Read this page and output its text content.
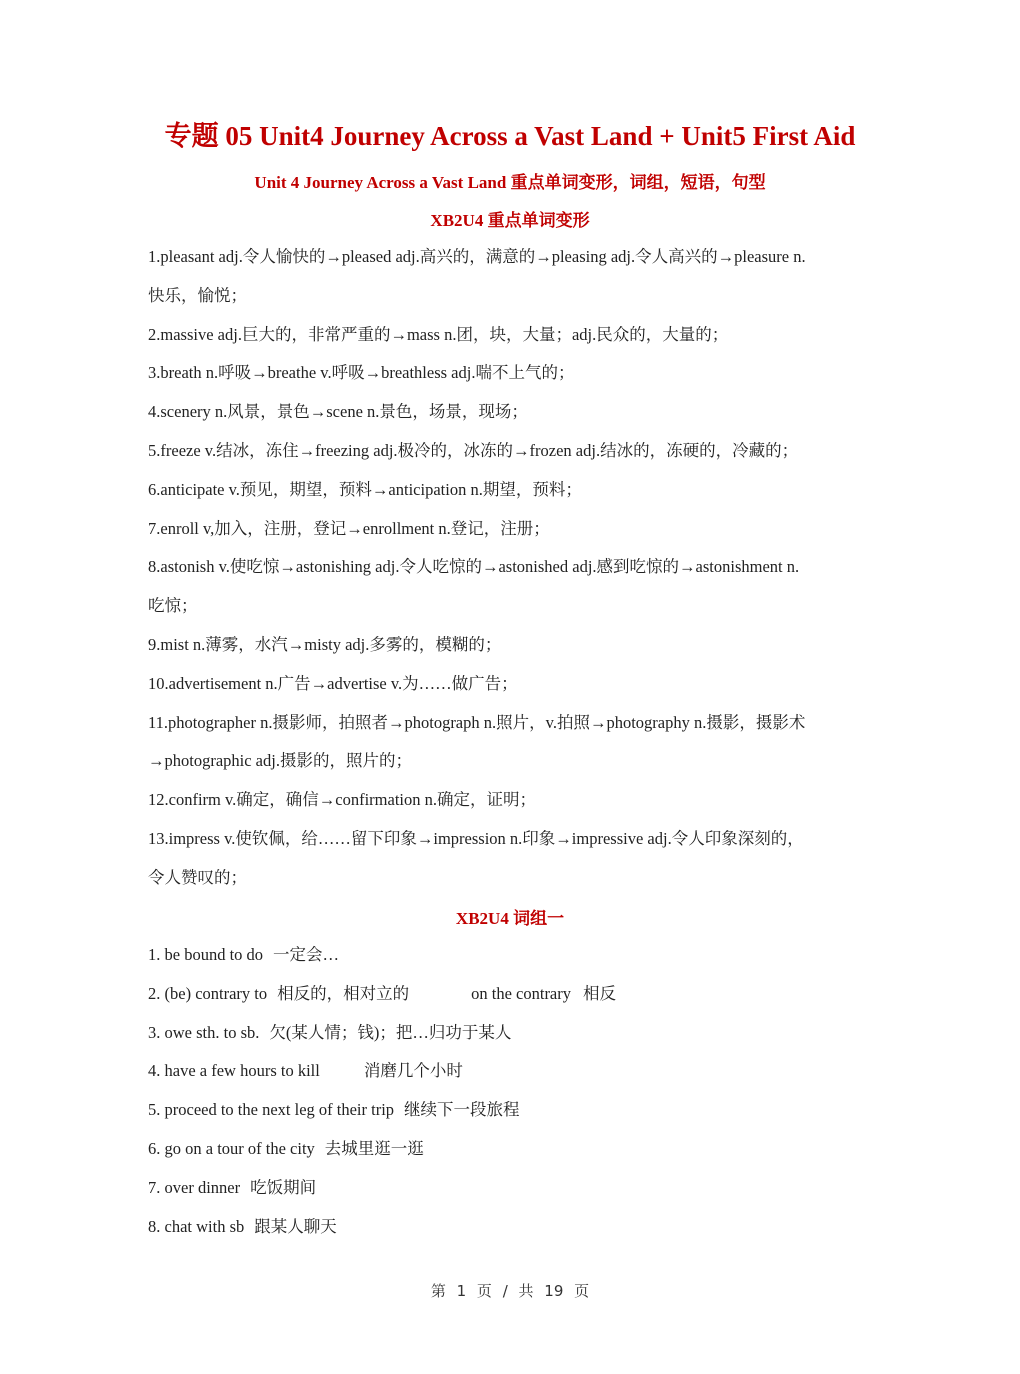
专题 05 Unit4 Journey Across a Vast Land + Unit5 First Aid
Unit 4 Journey Across a Vast Land 重点单词变形，词组，短语，句型
XB2U4 重点单词变形
1.pleasant adj.令人愉快的→pleased adj.高兴的，满意的→pleasing adj.令人高兴的→pleasure n.
快乐，愉悦；
2.massive adj.巨大的，非常严重的→mass n.团，块，大量；adj.民众的，大量的；
3.breath n.呼吸→breathe v.呼吸→breathless adj.喘不上气的；
4.scenery n.风景，景色→scene n.景色，场景，现场；
5.freeze v.结冰，冻住→freezing adj.极冷的，冰冻的→frozen adj.结冰的，冻硬的，冷藏的；
6.anticipate v.预见，期望，预料→anticipation n.期望，预料；
7.enroll v,加入，注册，登记→enrollment n.登记，注册；
8.astonish v.使吃惊→astonishing adj.令人吃惊的→astonished adj.感到吃惊的→astonishment n.
吃惊；
9.mist n.薄雾，水汽→misty adj.多雾的，模糊的；
10.advertisement n.广告→advertise v.为……做广告；
11.photographer n.摄影师，拍照者→photograph n.照片，v.拍照→photography n.摄影，摄影术
→photographic adj.摄影的，照片的；
12.confirm v.确定，确信→confirmation n.确定，证明；
13.impress v.使钦佩，给……留下印象→impression n.印象→impressive adj.令人印象深刻的，
令人赞叹的；
XB2U4 词组一
1. be bound to do 一定会…
2. (be) contrary to 相反的，相对立的	on the contrary 相反
3. owe sth. to sb. 欠(某人情；钱)；把…归功于某人
4. have a few hours to kill	消磨几个小时
5. proceed to the next leg of their trip 继续下一段旅程
6. go on a tour of the city 去城里逛一逛
7. over dinner 吃饭期间
8. chat with sb 跟某人聊天
第 1 页 / 共 19 页
